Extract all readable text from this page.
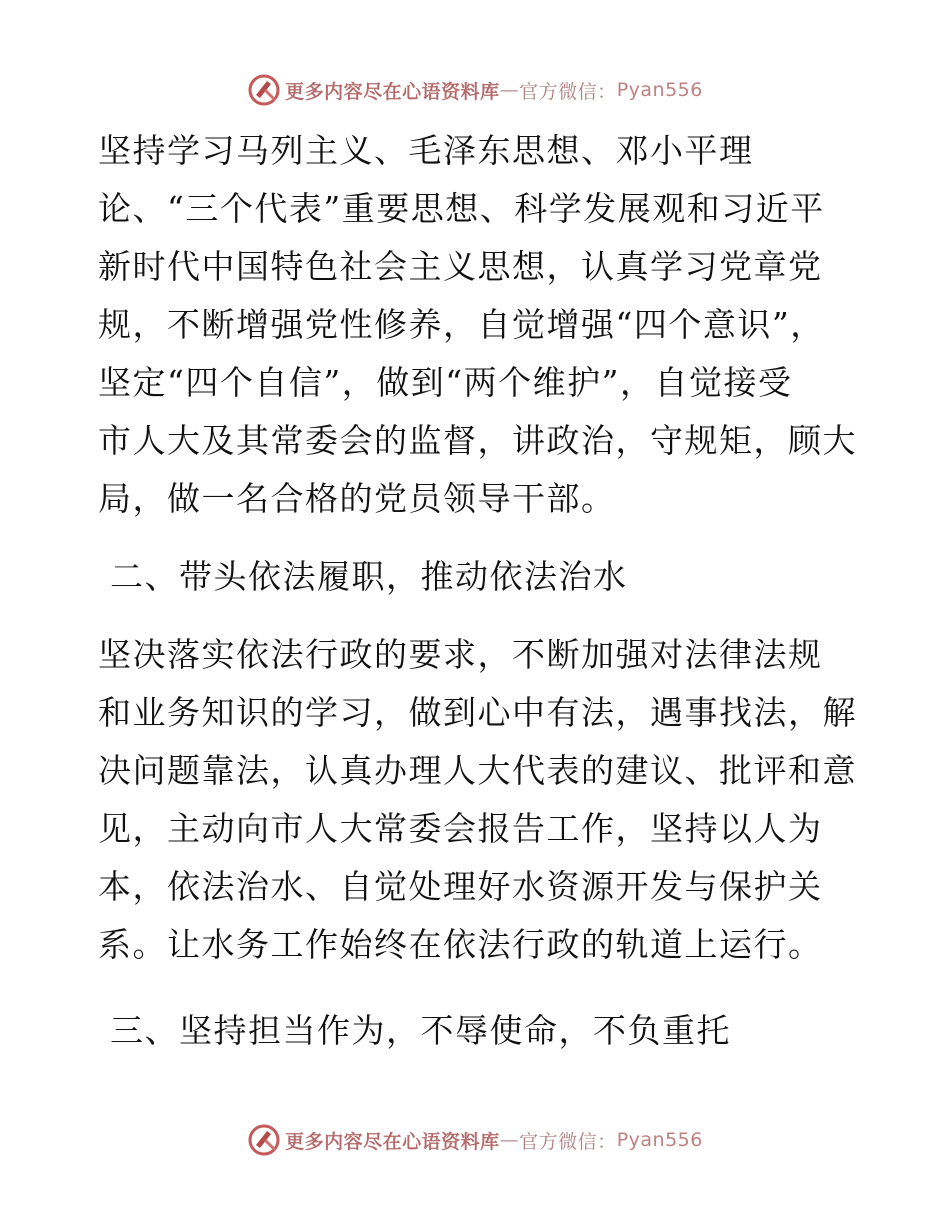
更多内容尽在心语资料库 — 官方微信： Pyan556

坚持学习马列主义、毛泽东思想、邓小平理
论、“三个代表”重要思想、科学发展观和习近平
新时代中国特色社会主义思想，认真学习党章党
规，不断增强党性修养，自觉增强“四个意识”，
坚定“四个自信”，做到“两个维护”，自觉接受
市人大及其常委会的监督，讲政治，守规矩，顾大
局，做一名合格的党员领导干部。

二、带头依法履职，推动依法治水

坚决落实依法行政的要求，不断加强对法律法规
和业务知识的学习，做到心中有法，遇事找法，解
决问题靠法，认真办理人大代表的建议、批评和意
见，主动向市人大常委会报告工作，坚持以人为
本，依法治水、自觉处理好水资源开发与保护关
系。让水务工作始终在依法行政的轨道上运行。

三、坚持担当作为，不辱使命，不负重托

更多内容尽在心语资料库 — 官方微信： Pyan556
